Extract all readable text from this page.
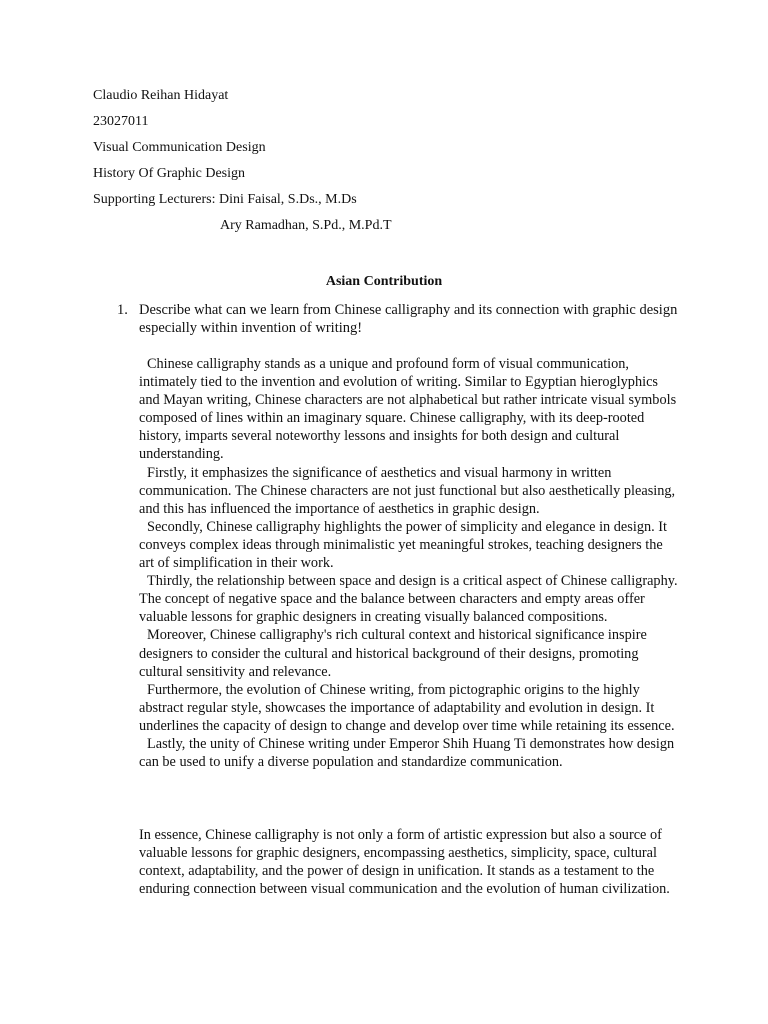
Claudio Reihan Hidayat
23027011
Visual Communication Design
History Of Graphic Design
Supporting Lecturers: Dini Faisal, S.Ds., M.Ds
Ary Ramadhan, S.Pd., M.Pd.T
Asian Contribution
1. Describe what can we learn from Chinese calligraphy and its connection with graphic design especially within invention of writing!

Chinese calligraphy stands as a unique and profound form of visual communication, intimately tied to the invention and evolution of writing. Similar to Egyptian hieroglyphics and Mayan writing, Chinese characters are not alphabetical but rather intricate visual symbols composed of lines within an imaginary square. Chinese calligraphy, with its deep-rooted history, imparts several noteworthy lessons and insights for both design and cultural understanding.

Firstly, it emphasizes the significance of aesthetics and visual harmony in written communication. The Chinese characters are not just functional but also aesthetically pleasing, and this has influenced the importance of aesthetics in graphic design.

Secondly, Chinese calligraphy highlights the power of simplicity and elegance in design. It conveys complex ideas through minimalistic yet meaningful strokes, teaching designers the art of simplification in their work.

Thirdly, the relationship between space and design is a critical aspect of Chinese calligraphy. The concept of negative space and the balance between characters and empty areas offer valuable lessons for graphic designers in creating visually balanced compositions.

Moreover, Chinese calligraphy's rich cultural context and historical significance inspire designers to consider the cultural and historical background of their designs, promoting cultural sensitivity and relevance.

Furthermore, the evolution of Chinese writing, from pictographic origins to the highly abstract regular style, showcases the importance of adaptability and evolution in design. It underlines the capacity of design to change and develop over time while retaining its essence.

Lastly, the unity of Chinese writing under Emperor Shih Huang Ti demonstrates how design can be used to unify a diverse population and standardize communication.

In essence, Chinese calligraphy is not only a form of artistic expression but also a source of valuable lessons for graphic designers, encompassing aesthetics, simplicity, space, cultural context, adaptability, and the power of design in unification. It stands as a testament to the enduring connection between visual communication and the evolution of human civilization.
